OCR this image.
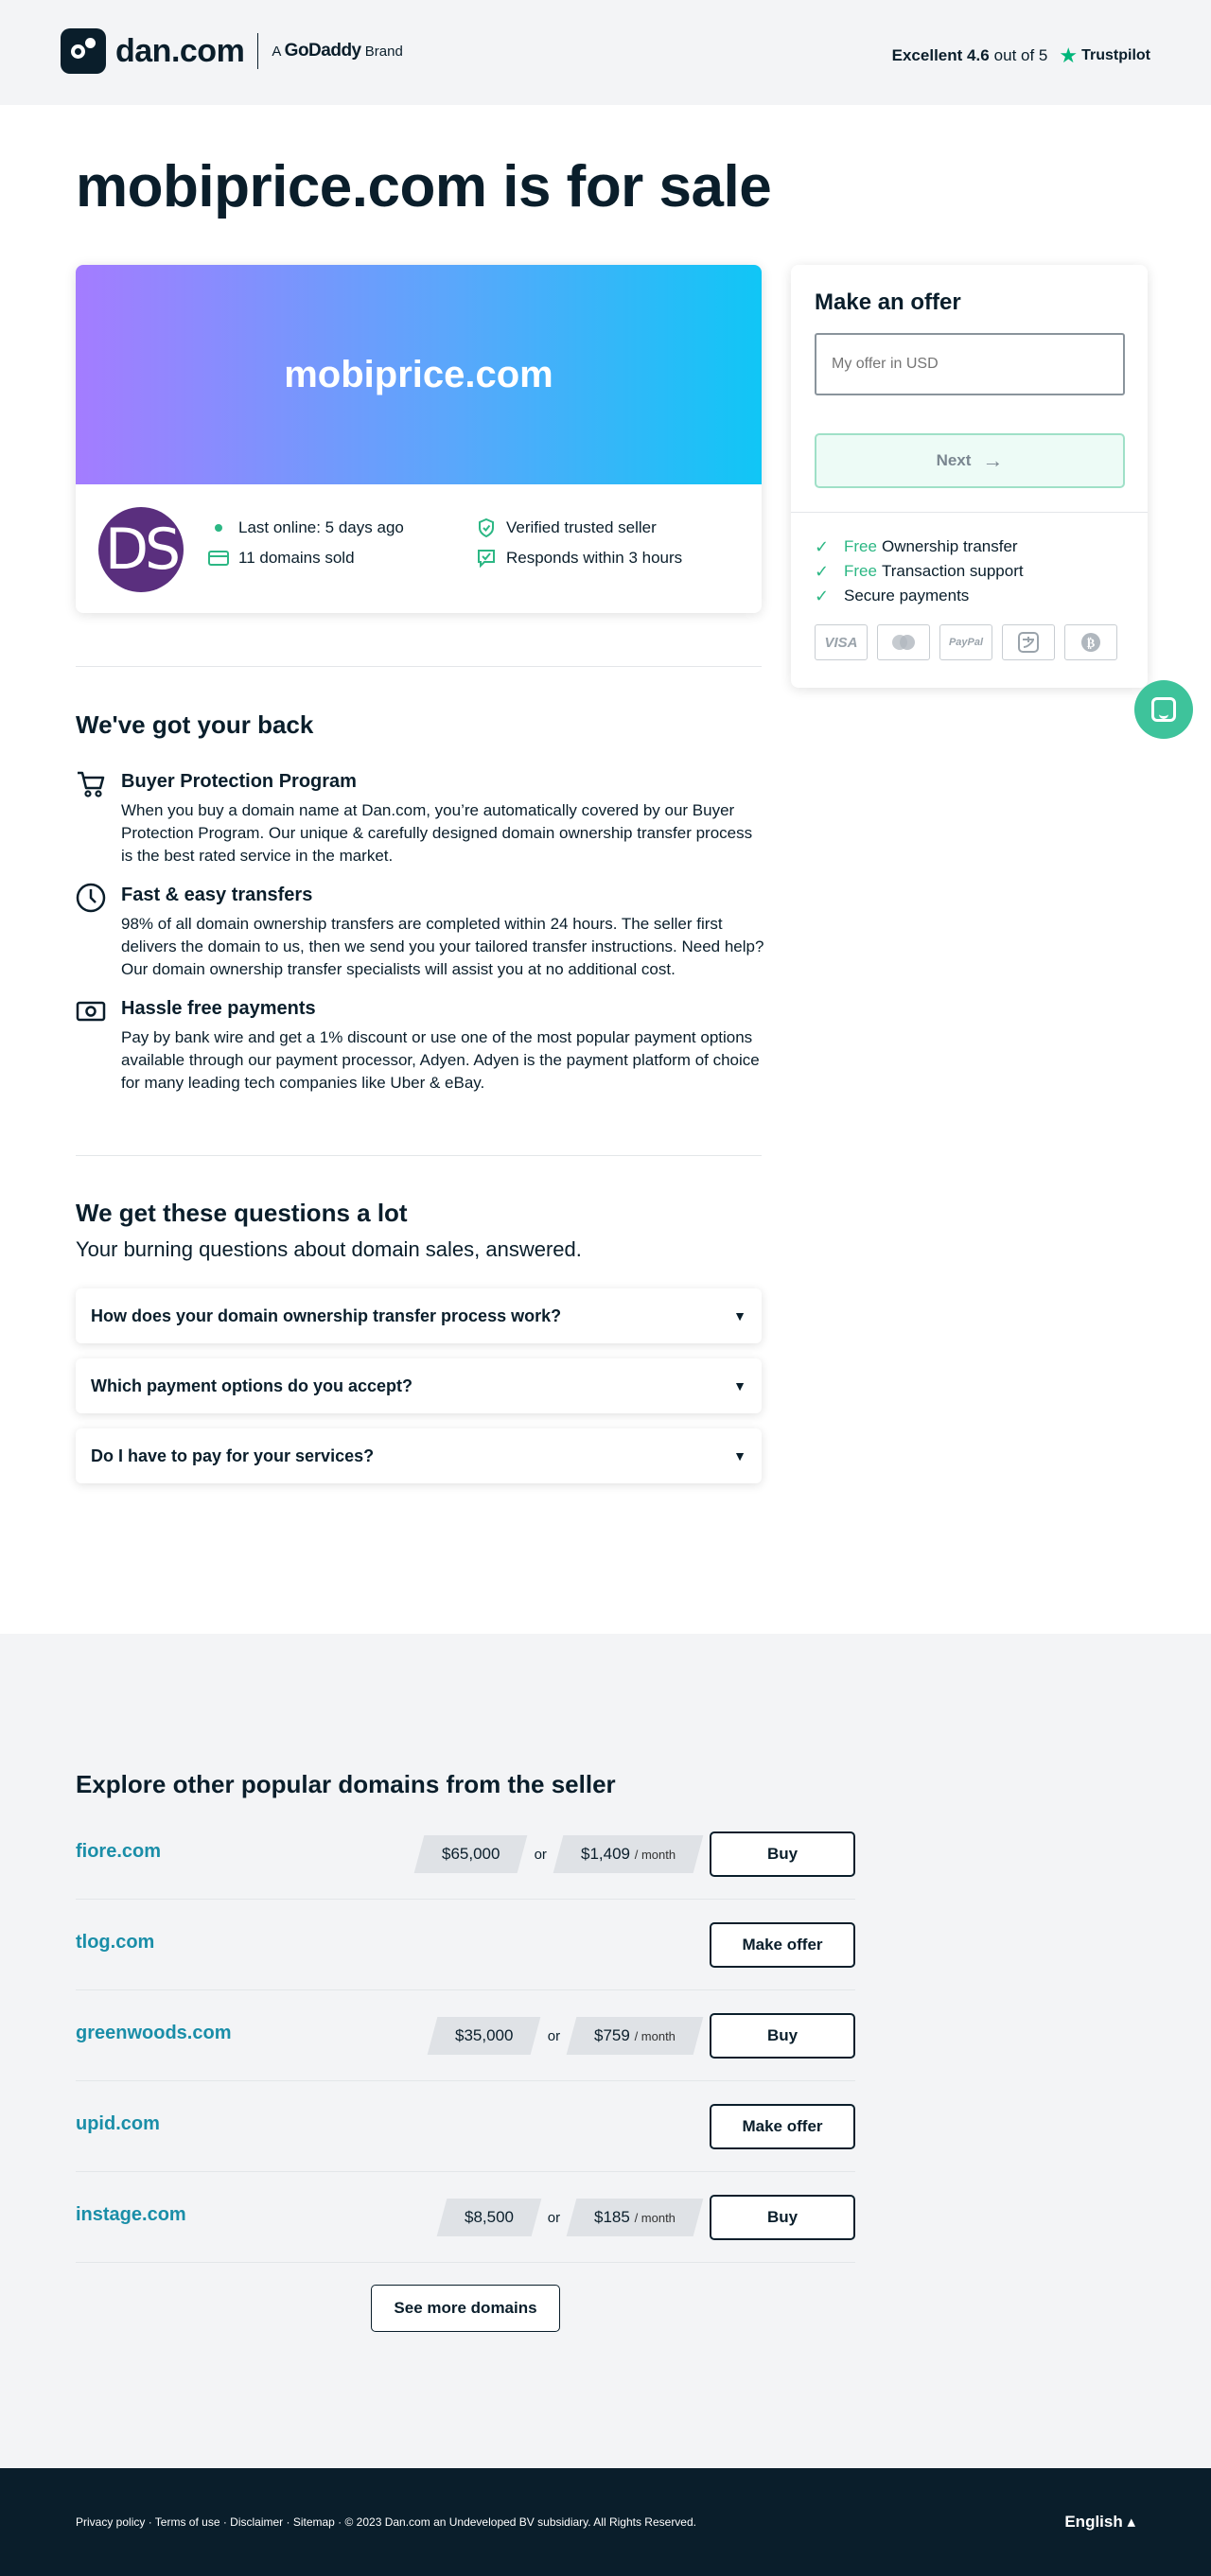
dan.com A GoDaddy Brand	Excellent 4.6 out of 5 ★ Trustpilot
mobiprice.com is for sale
mobiprice.com
DS	Last online: 5 days ago	Verified trusted seller
11 domains sold	Responds within 3 hours
Make an offer
My offer in USD
Next →
✓ Free Ownership transfer
✓ Free Transaction support
✓ Secure payments
VISA	PayPal	₿
We've got your back
Buyer Protection Program
When you buy a domain name at Dan.com, you’re automatically covered by our Buyer Protection Program. Our unique & carefully designed domain ownership transfer process is the best rated service in the market.
Fast & easy transfers
98% of all domain ownership transfers are completed within 24 hours. The seller first delivers the domain to us, then we send you your tailored transfer instructions. Need help? Our domain ownership transfer specialists will assist you at no additional cost.
Hassle free payments
Pay by bank wire and get a 1% discount or use one of the most popular payment options available through our payment processor, Adyen. Adyen is the payment platform of choice for many leading tech companies like Uber & eBay.
We get these questions a lot
Your burning questions about domain sales, answered.
How does your domain ownership transfer process work?	▼
Which payment options do you accept?	▼
Do I have to pay for your services?	▼
Explore other popular domains from the seller
fiore.com	$65,000 or $1,409 / month	Buy
tlog.com	Make offer
greenwoods.com	$35,000 or $759 / month	Buy
upid.com	Make offer
instage.com	$8,500 or $185 / month	Buy
See more domains
Privacy policy · Terms of use · Disclaimer · Sitemap · © 2023 Dan.com an Undeveloped BV subsidiary. All Rights Reserved.	English ▴
